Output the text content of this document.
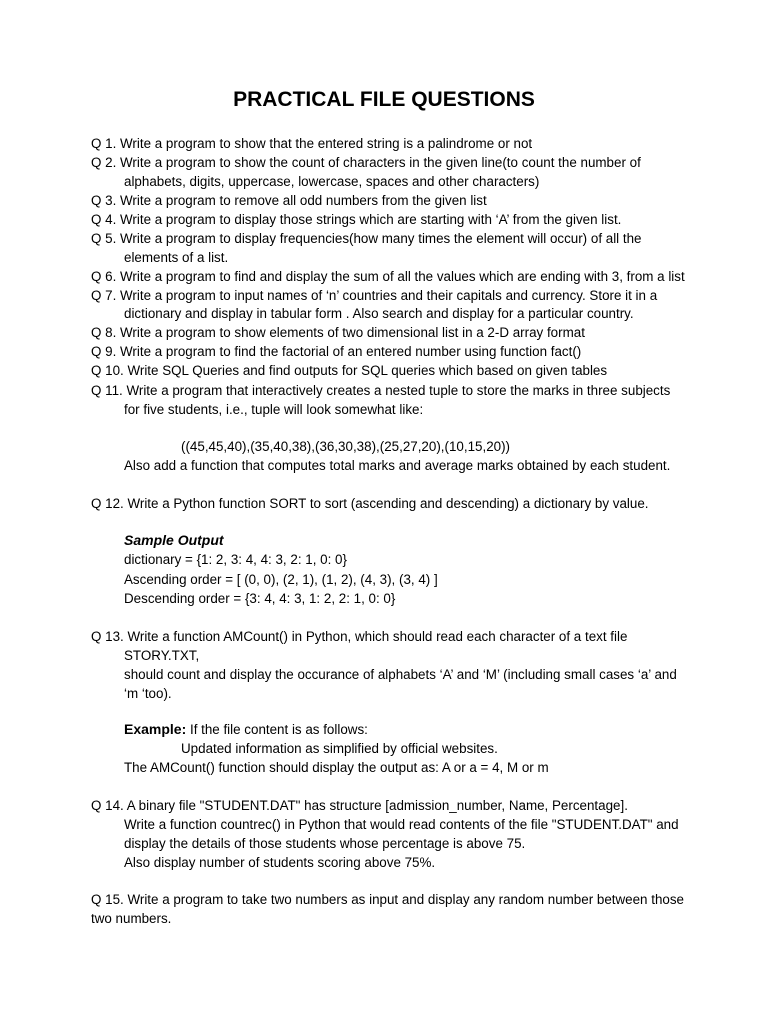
PRACTICAL FILE QUESTIONS
Q 1. Write a program to show that the entered string is a palindrome or not
Q 2. Write a program to show the count of characters in the given line(to count the number of
alphabets, digits, uppercase, lowercase, spaces and other characters)
Q 3. Write a program to remove all odd numbers from the given list
Q 4. Write a program to display those strings which are starting with ‘A’ from the given list.
Q 5. Write a program to display frequencies(how many times the element will occur) of all the
elements of a list.
Q 6. Write a program to find and display the sum of all the values which are ending with 3, from a list
Q 7. Write a program to input names of ‘n’ countries and their capitals and currency. Store it in a
dictionary and display in tabular form . Also search and display for a particular country.
Q 8. Write a program to show elements of two dimensional list in a 2-D array format
Q 9. Write a program to find the factorial of an entered number using function fact()
Q 10. Write SQL Queries and find outputs for SQL queries which based on given tables
Q 11. Write a program that interactively creates a nested tuple to store the marks in three subjects
for five students, i.e., tuple will look somewhat like:
((45,45,40),(35,40,38),(36,30,38),(25,27,20),(10,15,20))
Also add a function that computes total marks and average marks obtained by each student.
Q 12. Write a Python function SORT to sort (ascending and descending) a dictionary by value.
Sample Output
dictionary = {1: 2, 3: 4, 4: 3, 2: 1, 0: 0}
Ascending order = [ (0, 0), (2, 1), (1, 2), (4, 3), (3, 4) ]
Descending order = {3: 4, 4: 3, 1: 2, 2: 1, 0: 0}
Q 13. Write a function AMCount() in Python, which should read each character of a text file
STORY.TXT,
should count and display the occurance of alphabets ‘A’ and ‘M’ (including small cases ‘a’ and
‘m ‘too).
Example: If the file content is as follows:
Updated information as simplified by official websites.
The AMCount() function should display the output as: A or a = 4, M or m
Q 14. A binary file "STUDENT.DAT" has structure [admission_number, Name, Percentage].
Write a function countrec() in Python that would read contents of the file "STUDENT.DAT" and
display the details of those students whose percentage is above 75.
Also display number of students scoring above 75%.
Q 15. Write a program to take two numbers as input and display any random number between those
two numbers.
